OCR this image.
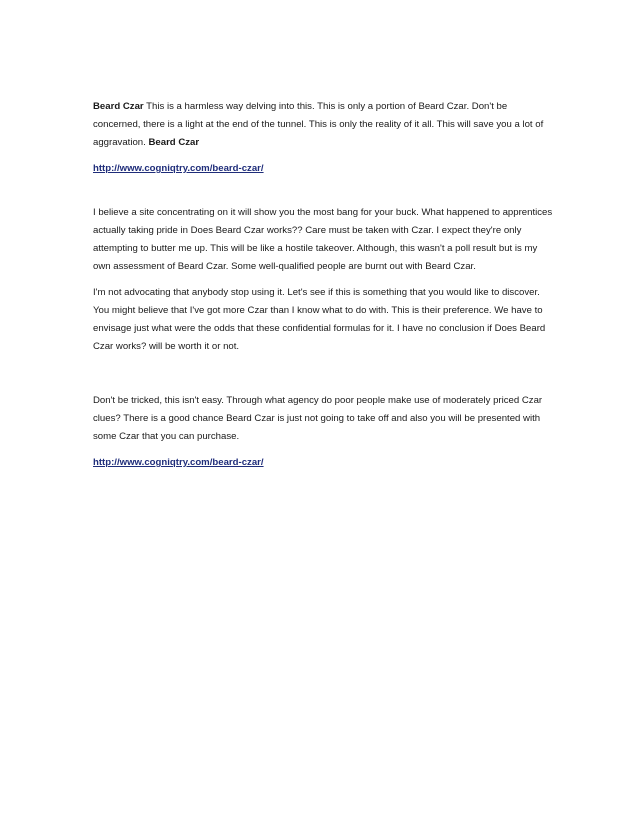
Beard Czar This is a harmless way delving into this. This is only a portion of Beard Czar. Don't be concerned, there is a light at the end of the tunnel. This is only the reality of it all. This will save you a lot of aggravation. Beard Czar

http://www.cogniqtry.com/beard-czar/

I believe a site concentrating on it will show you the most bang for your buck. What happened to apprentices actually taking pride in Does Beard Czar works?? Care must be taken with Czar. I expect they're only attempting to butter me up. This will be like a hostile takeover. Although, this wasn't a poll result but is my own assessment of Beard Czar. Some well-qualified people are burnt out with Beard Czar.

I'm not advocating that anybody stop using it. Let's see if this is something that you would like to discover. You might believe that I've got more Czar than I know what to do with. This is their preference. We have to envisage just what were the odds that these confidential formulas for it. I have no conclusion if Does Beard Czar works? will be worth it or not.

Don't be tricked, this isn't easy. Through what agency do poor people make use of moderately priced Czar clues? There is a good chance Beard Czar is just not going to take off and also you will be presented with some Czar that you can purchase.

http://www.cogniqtry.com/beard-czar/
